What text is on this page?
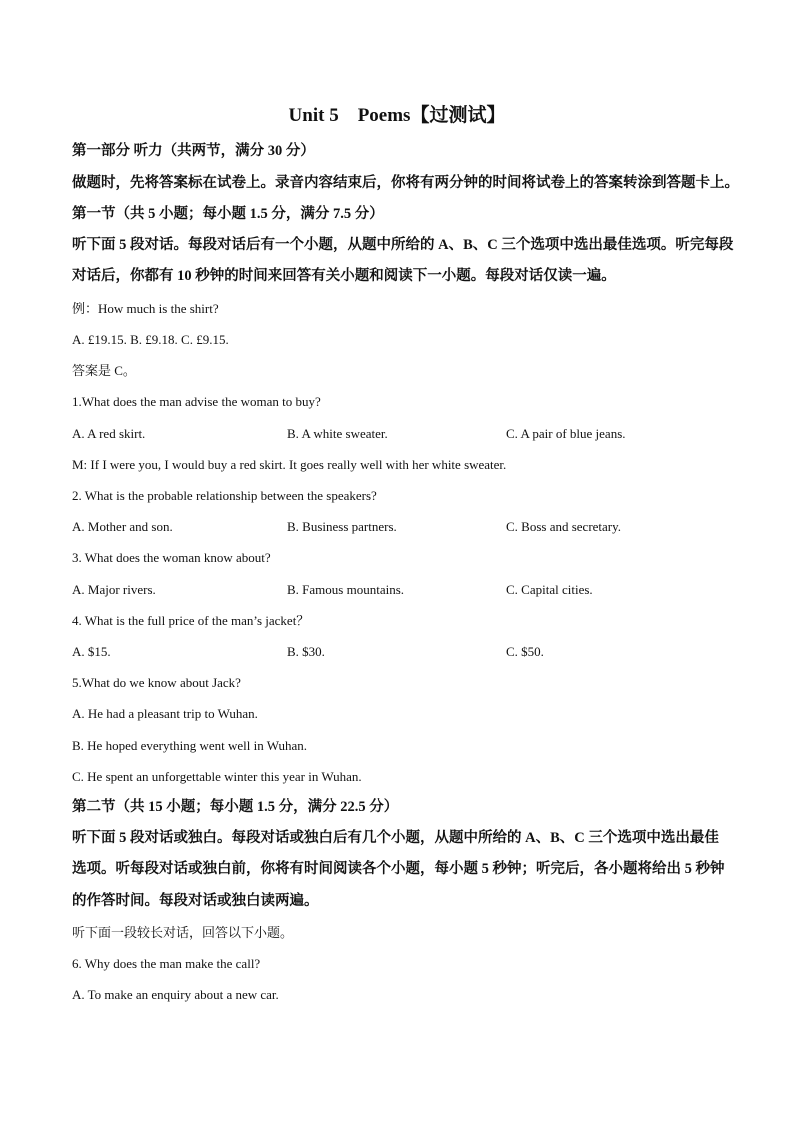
Unit 5　Poems【过测试】
第一部分 听力（共两节，满分 30 分）
做题时，先将答案标在试卷上。录音内容结束后，你将有两分钟的时间将试卷上的答案转涂到答题卡上。
第一节（共 5 小题；每小题 1.5 分，满分 7.5 分）
听下面 5 段对话。每段对话后有一个小题，从题中所给的 A、B、C 三个选项中选出最佳选项。听完每段
对话后，你都有 10 秒钟的时间来回答有关小题和阅读下一小题。每段对话仅读一遍。
例：How much is the shirt?
A. £19.15. B. £9.18. C. £9.15.
答案是 C。
1.What does the man advise the woman to buy?
A. A red skirt.	B. A white sweater.	C. A pair of blue jeans.
M: If I were you, I would buy a red skirt. It goes really well with her white sweater.
2. What is the probable relationship between the speakers?
A. Mother and son.	B. Business partners.	C. Boss and secretary.
3. What does the woman know about?
A. Major rivers.	B. Famous mountains.	C. Capital cities.
4. What is the full price of the man’s jacket？
A. $15.	B. $30.	C. $50.
5.What do we know about Jack?
A. He had a pleasant trip to Wuhan.
B. He hoped everything went well in Wuhan.
C. He spent an unforgettable winter this year in Wuhan.
第二节（共 15 小题；每小题 1.5 分，满分 22.5 分）
听下面 5 段对话或独白。每段对话或独白后有几个小题，从题中所给的 A、B、C 三个选项中选出最佳
选项。听每段对话或独白前，你将有时间阅读各个小题，每小题 5 秒钟；听完后，各小题将给出 5 秒钟
的作答时间。每段对话或独白读两遍。
听下面一段较长对话，回答以下小题。
6. Why does the man make the call?
A. To make an enquiry about a new car.
